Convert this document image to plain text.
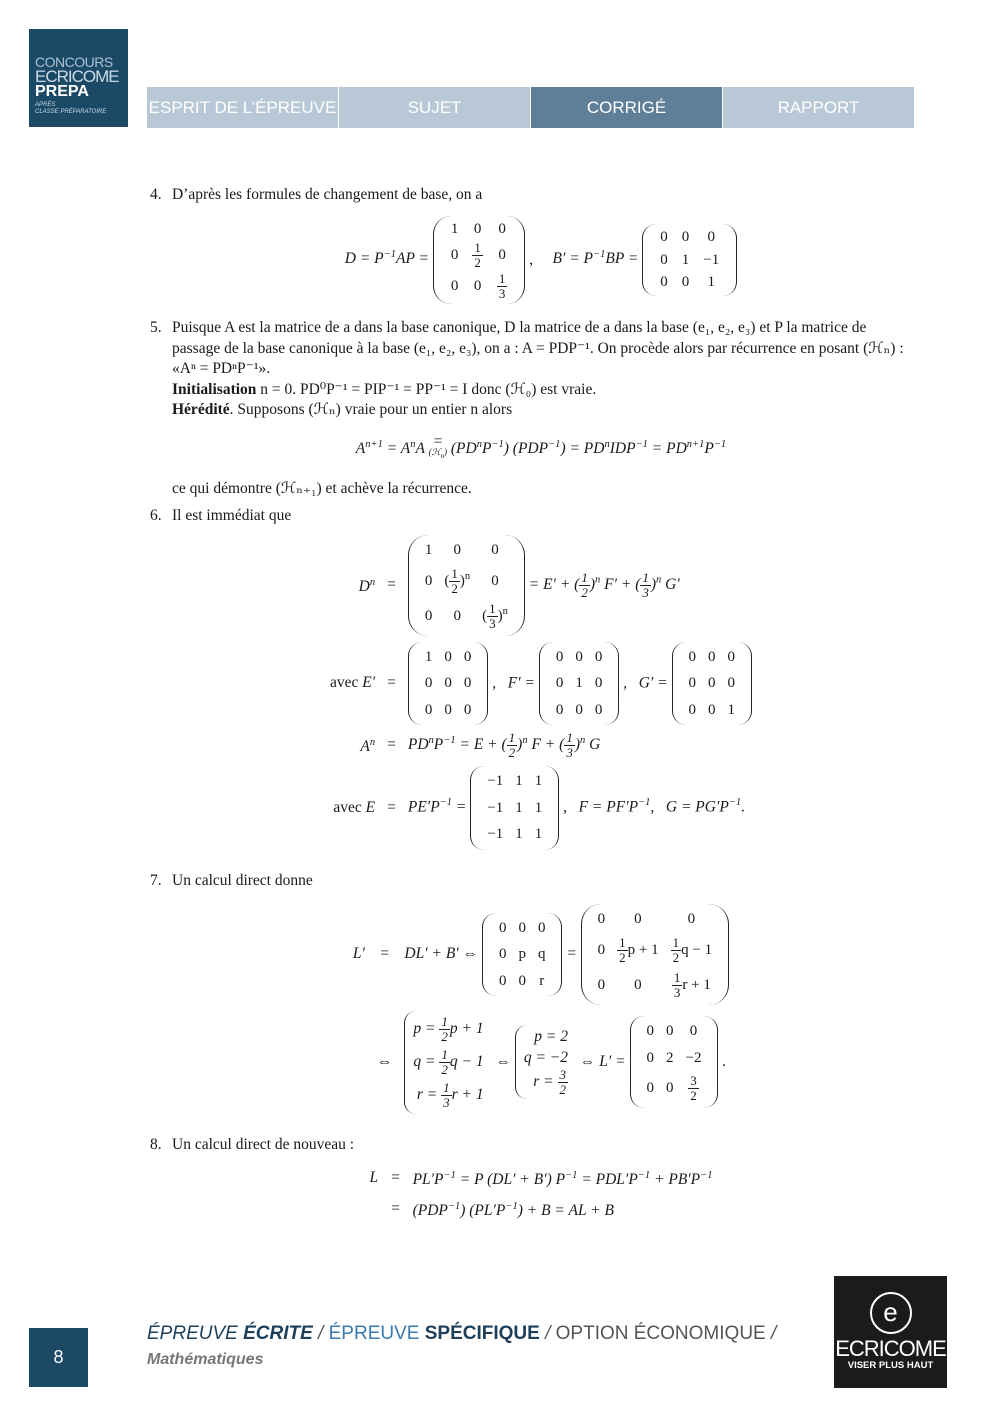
CONCOURS
ECRICOME
PREPA
APRÈS
CLASSE PRÉPARATOIRE	ESPRIT DE L’ÉPREUVE	SUJET	CORRIGÉ	RAPPORT
4. D’après les formules de changement de base, on a
$D = P^{-1}AP$ =
1	0	0
0	$\frac{1}{2}$	0
0	0	$\frac{1}{3}$
,     $B' = P^{-1}BP$ =
0	0	0
0	1	−1
0	0	1
5. Puisque A est la matrice de a dans la base canonique, D la matrice de a dans la base (e₁, e₂, e₃) et P la matrice de passage de la base canonique à la base (e₁, e₂, e₃), on a : A = PDP⁻¹. On procède alors par récurrence en posant (ℋₙ) : «Aⁿ = PDⁿP⁻¹».
Initialisation n = 0. PD⁰P⁻¹ = PIP⁻¹ = PP⁻¹ = I donc (ℋ₀) est vraie.
Hérédité. Supposons (ℋₙ) vraie pour un entier n alors
$A^{n+1} = A^nA$ =
(ℋ$_n$) $(PD^nP^{-1}) (PDP^{-1}) = PD^nIDP^{-1} = PD^{n+1}P^{-1}$
ce qui démontre (ℋₙ₊₁) et achève la récurrence.
6. Il est immédiat que
$D^n$	=	
1	0	0
0	( $\frac{1}{2} )^n$	0
0	0	( $\frac{1}{3} )^n$
= E′ + ( $\frac{1}{2} )^n$ F′ + ( $\frac{1}{3} )^n$ G′
avec E′	=	
1	0	0
0	0	0
0	0	0
,   F′ =
0	0	0
0	1	0
0	0	0
,   G′ =
0	0	0
0	0	0
0	0	1

$A^n$	=	$PD^nP^{-1} = E$ + ( $\frac{1}{2} )^n$ F + ( $\frac{1}{3} )^n$ G
avec E	=	$PE'P^{-1}$ =
−1	1	1
−1	1	1
−1	1	1
,   $F = PF'P^{-1}$,   $G = PG'P^{-1}$.
7. Un calcul direct donne
L′	=	DL′ + B′ ⇔
0	0	0
0	p	q
0	0	r
=
0	0	0
0	$\frac{1}{2}$ p + 1	$\frac{1}{2}$ q − 1
0	0	$\frac{1}{3}$ r + 1

	⇔	
$p = \frac{1}{2}$ p + 1
$q = \frac{1}{2}$ q − 1
$r = \frac{1}{3}$ r + 1
⇔
p = 2
q = −2
$r = \frac{3}{2}$
⇔ L′ =
0	0	0
0	2	−2
0	0	$\frac{3}{2}$
.
8. Un calcul direct de nouveau :
L	=	$PL'P^{-1} = P$ (DL′ + B′) $P^{-1} = PDL'P^{-1} + PB'P^{-1}$
	=	$(PDP^{-1}) (PL'P^{-1}) + B$ = AL + B
8
ÉPREUVE ÉCRITE / ÉPREUVE SPÉCIFIQUE / OPTION ÉCONOMIQUE /
Mathématiques
e
ECRICOME
VISER PLUS HAUT
